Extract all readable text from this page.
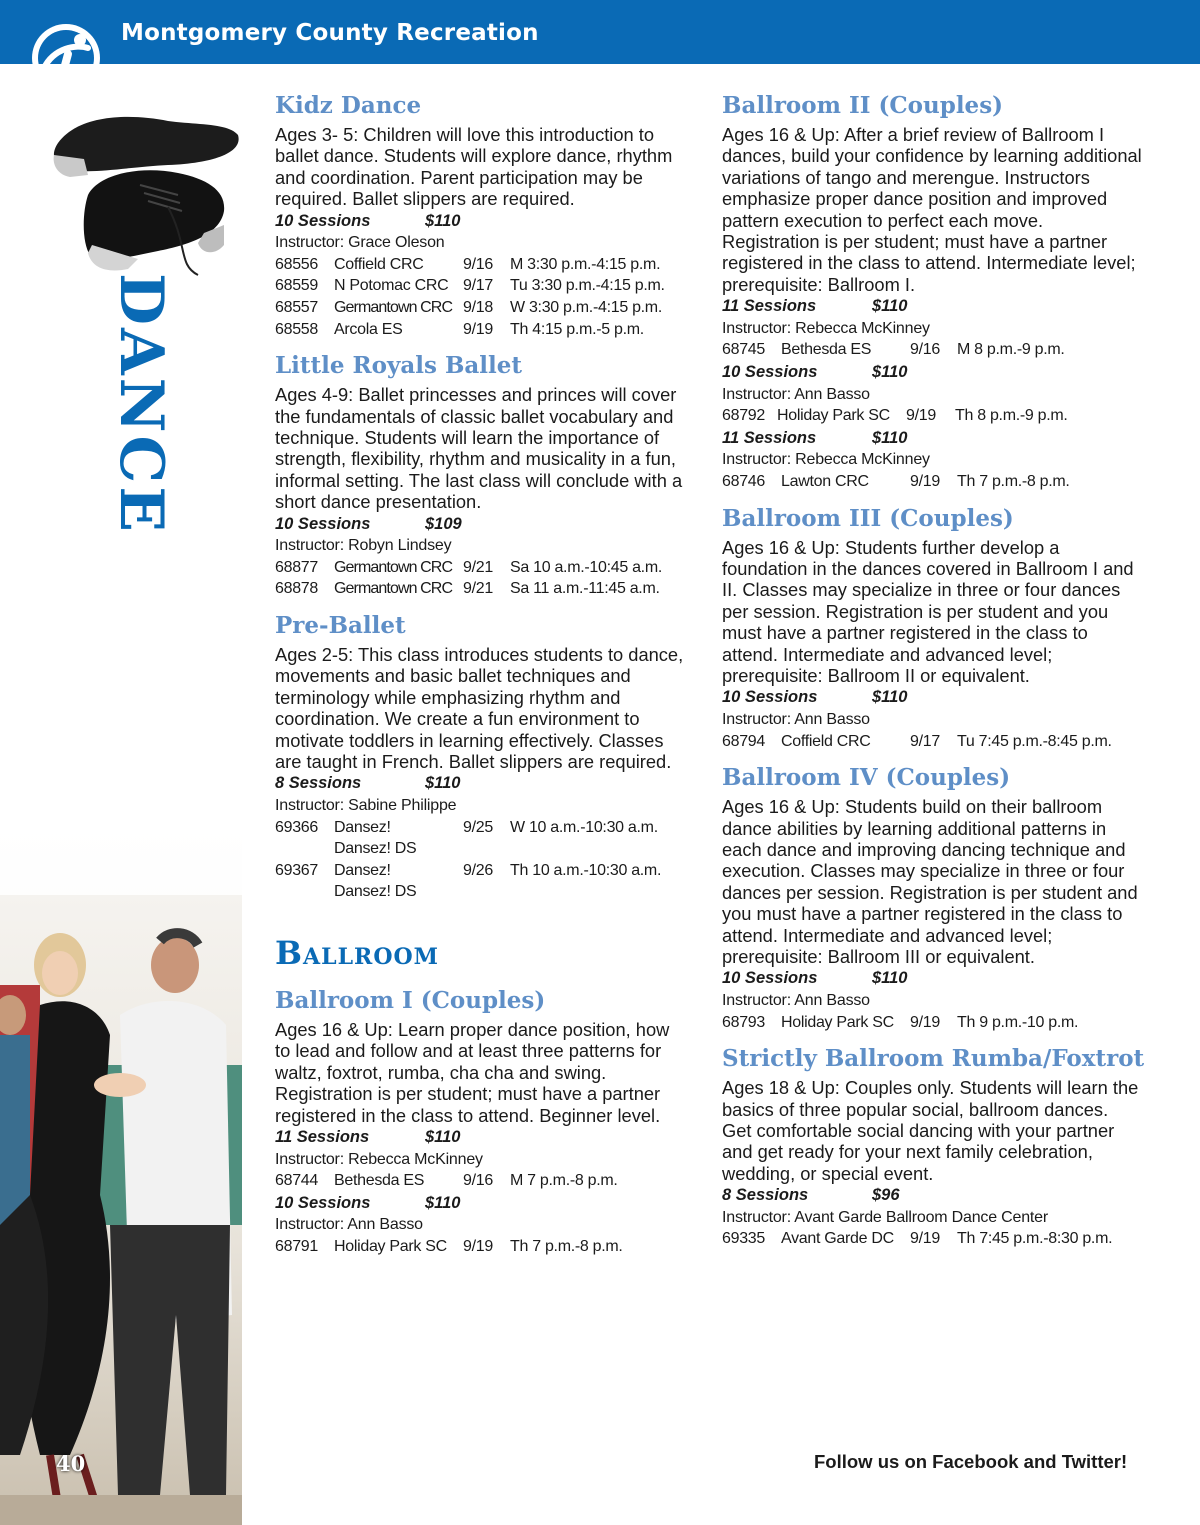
Montgomery County Recreation
DANCE
40
Kidz Dance
Ages 3- 5: Children will love this introduction to ballet dance. Students will explore dance, rhythm and coordination. Parent participation may be required. Ballet slippers are required.
10 Sessions	$110
Instructor: Grace Oleson
68556 Coffield CRC 9/16 M 3:30 p.m.-4:15 p.m.
68559 N Potomac CRC 9/17 Tu 3:30 p.m.-4:15 p.m.
68557 Germantown CRC 9/18 W 3:30 p.m.-4:15 p.m.
68558 Arcola ES	9/19 Th 4:15 p.m.-5 p.m.
Little Royals Ballet
Ages 4-9: Ballet princesses and princes will cover the fundamentals of classic ballet vocabulary and technique. Students will learn the importance of strength, flexibility, rhythm and musicality in a fun, informal setting. The last class will conclude with a short dance presentation.
10 Sessions	$109
Instructor: Robyn Lindsey
68877 Germantown CRC 9/21 Sa 10 a.m.-10:45 a.m.
68878 Germantown CRC 9/21 Sa 11 a.m.-11:45 a.m.
Pre-Ballet
Ages 2-5: This class introduces students to dance, movements and basic ballet techniques and terminology while emphasizing rhythm and coordination. We create a fun environment to motivate toddlers in learning effectively. Classes are taught in French. Ballet slippers are required.
8 Sessions	$110
Instructor: Sabine Philippe
69366 Dansez!	9/25 W 10 a.m.-10:30 a.m.
Dansez! DS
69367 Dansez!	9/26 Th 10 a.m.-10:30 a.m.
Dansez! DS
Ballroom
Ballroom I (Couples)
Ages 16 & Up: Learn proper dance position, how to lead and follow and at least three patterns for waltz, foxtrot, rumba, cha cha and swing. Registration is per student; must have a partner registered in the class to attend. Beginner level.
11 Sessions	$110
Instructor: Rebecca McKinney
68744 Bethesda ES 9/16 M 7 p.m.-8 p.m.
10 Sessions	$110
Instructor: Ann Basso
68791 Holiday Park SC 9/19 Th 7 p.m.-8 p.m.
Ballroom II (Couples)
Ages 16 & Up: After a brief review of Ballroom I dances, build your confidence by learning additional variations of tango and merengue. Instructors emphasize proper dance position and improved pattern execution to perfect each move. Registration is per student; must have a partner registered in the class to attend. Intermediate level; prerequisite: Ballroom I.
11 Sessions	$110
Instructor: Rebecca McKinney
68745 Bethesda ES 9/16 M 8 p.m.-9 p.m.
10 Sessions	$110
Instructor: Ann Basso
68792 Holiday Park SC 9/19 Th 8 p.m.-9 p.m.
11 Sessions	$110
Instructor: Rebecca McKinney
68746 Lawton CRC	9/19 Th 7 p.m.-8 p.m.
Ballroom III (Couples)
Ages 16 & Up: Students further develop a foundation in the dances covered in Ballroom I and II. Classes may specialize in three or four dances per session. Registration is per student and you must have a partner registered in the class to attend. Intermediate and advanced level; prerequisite: Ballroom II or equivalent.
10 Sessions	$110
Instructor: Ann Basso
68794 Coffield CRC 9/17 Tu 7:45 p.m.-8:45 p.m.
Ballroom IV (Couples)
Ages 16 & Up: Students build on their ballroom dance abilities by learning additional patterns in each dance and improving dancing technique and execution. Classes may specialize in three or four dances per session. Registration is per student and you must have a partner registered in the class to attend. Intermediate and advanced level; prerequisite: Ballroom III or equivalent.
10 Sessions	$110
Instructor: Ann Basso
68793 Holiday Park SC 9/19 Th 9 p.m.-10 p.m.
Strictly Ballroom Rumba/Foxtrot
Ages 18 & Up: Couples only. Students will learn the basics of three popular social, ballroom dances. Get comfortable social dancing with your partner and get ready for your next family celebration, wedding, or special event.
8 Sessions	$96
Instructor: Avant Garde Ballroom Dance Center
69335 Avant Garde DC 9/19 Th 7:45 p.m.-8:30 p.m.
Follow us on Facebook and Twitter!
